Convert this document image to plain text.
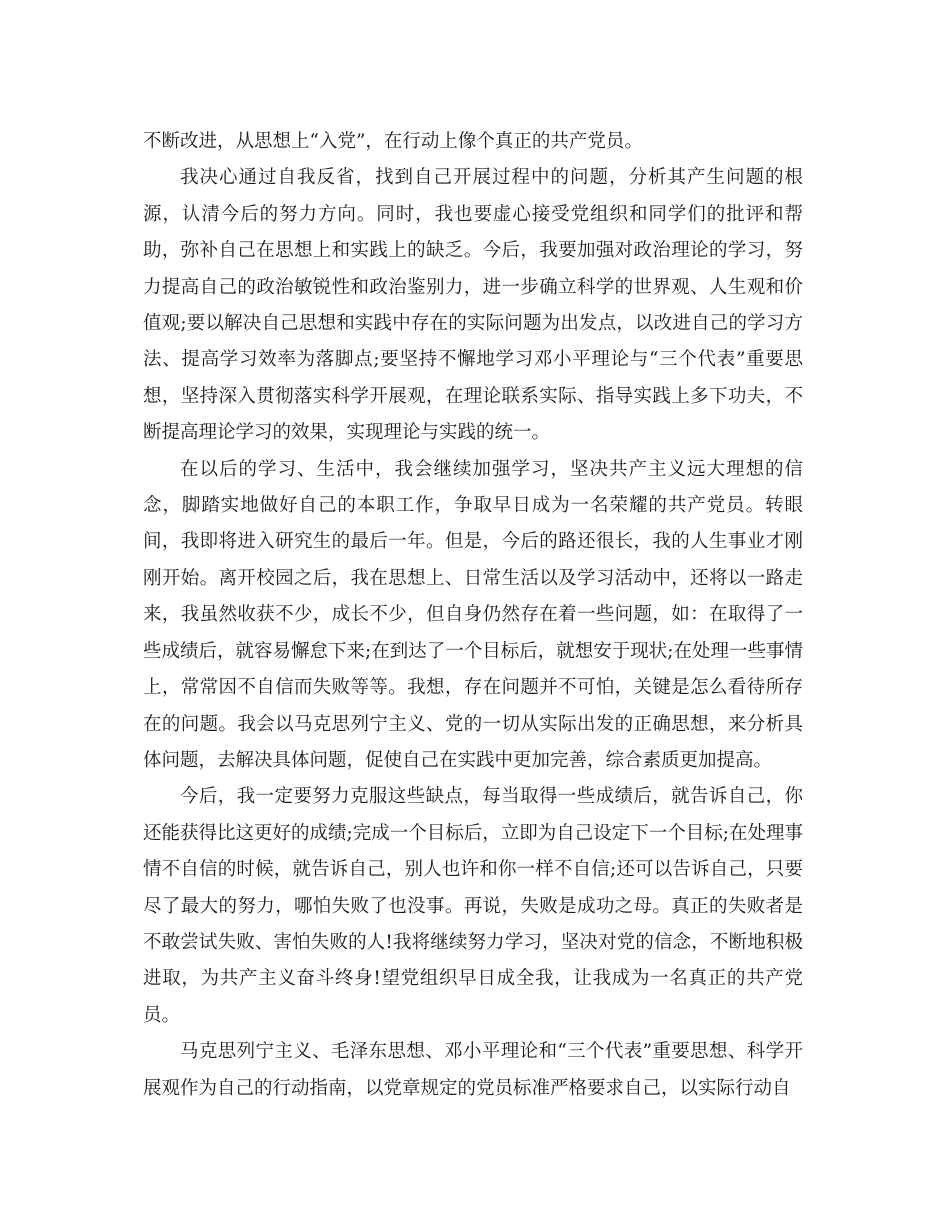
不断改进，从思想上“入党”，在行动上像个真正的共产党员。

我决心通过自我反省，找到自己开展过程中的问题，分析其产生问题的根源，认清今后的努力方向。同时，我也要虚心接受党组织和同学们的批评和帮助，弥补自己在思想上和实践上的缺乏。今后，我要加强对政治理论的学习，努力提高自己的政治敏锐性和政治鉴别力，进一步确立科学的世界观、人生观和价值观;要以解决自己思想和实践中存在的实际问题为出发点，以改进自己的学习方法、提高学习效率为落脚点;要坚持不懈地学习邓小平理论与“三个代表”重要思想，坚持深入贯彻落实科学开展观，在理论联系实际、指导实践上多下功夫，不断提高理论学习的效果，实现理论与实践的统一。

在以后的学习、生活中，我会继续加强学习，坚决共产主义远大理想的信念，脚踏实地做好自己的本职工作，争取早日成为一名荣耀的共产党员。转眼间，我即将进入研究生的最后一年。但是，今后的路还很长，我的人生事业才刚刚开始。离开校园之后，我在思想上、日常生活以及学习活动中，还将以一路走来，我虽然收获不少，成长不少，但自身仍然存在着一些问题，如：在取得了一些成绩后，就容易懈怠下来;在到达了一个目标后，就想安于现状;在处理一些事情上，常常因不自信而失败等等。我想，存在问题并不可怕，关键是怎么看待所存在的问题。我会以马克思列宁主义、党的一切从实际出发的正确思想，来分析具体问题，去解决具体问题，促使自己在实践中更加完善，综合素质更加提高。

今后，我一定要努力克服这些缺点，每当取得一些成绩后，就告诉自己，你还能获得比这更好的成绩;完成一个目标后，立即为自己设定下一个目标;在处理事情不自信的时候，就告诉自己，别人也许和你一样不自信;还可以告诉自己，只要尽了最大的努力，哪怕失败了也没事。再说，失败是成功之母。真正的失败者是不敢尝试失败、害怕失败的人!我将继续努力学习，坚决对党的信念，不断地积极进取，为共产主义奋斗终身!望党组织早日成全我，让我成为一名真正的共产党员。

马克思列宁主义、毛泽东思想、邓小平理论和“三个代表”重要思想、科学开展观作为自己的行动指南，以党章规定的党员标准严格要求自己，以实际行动自
